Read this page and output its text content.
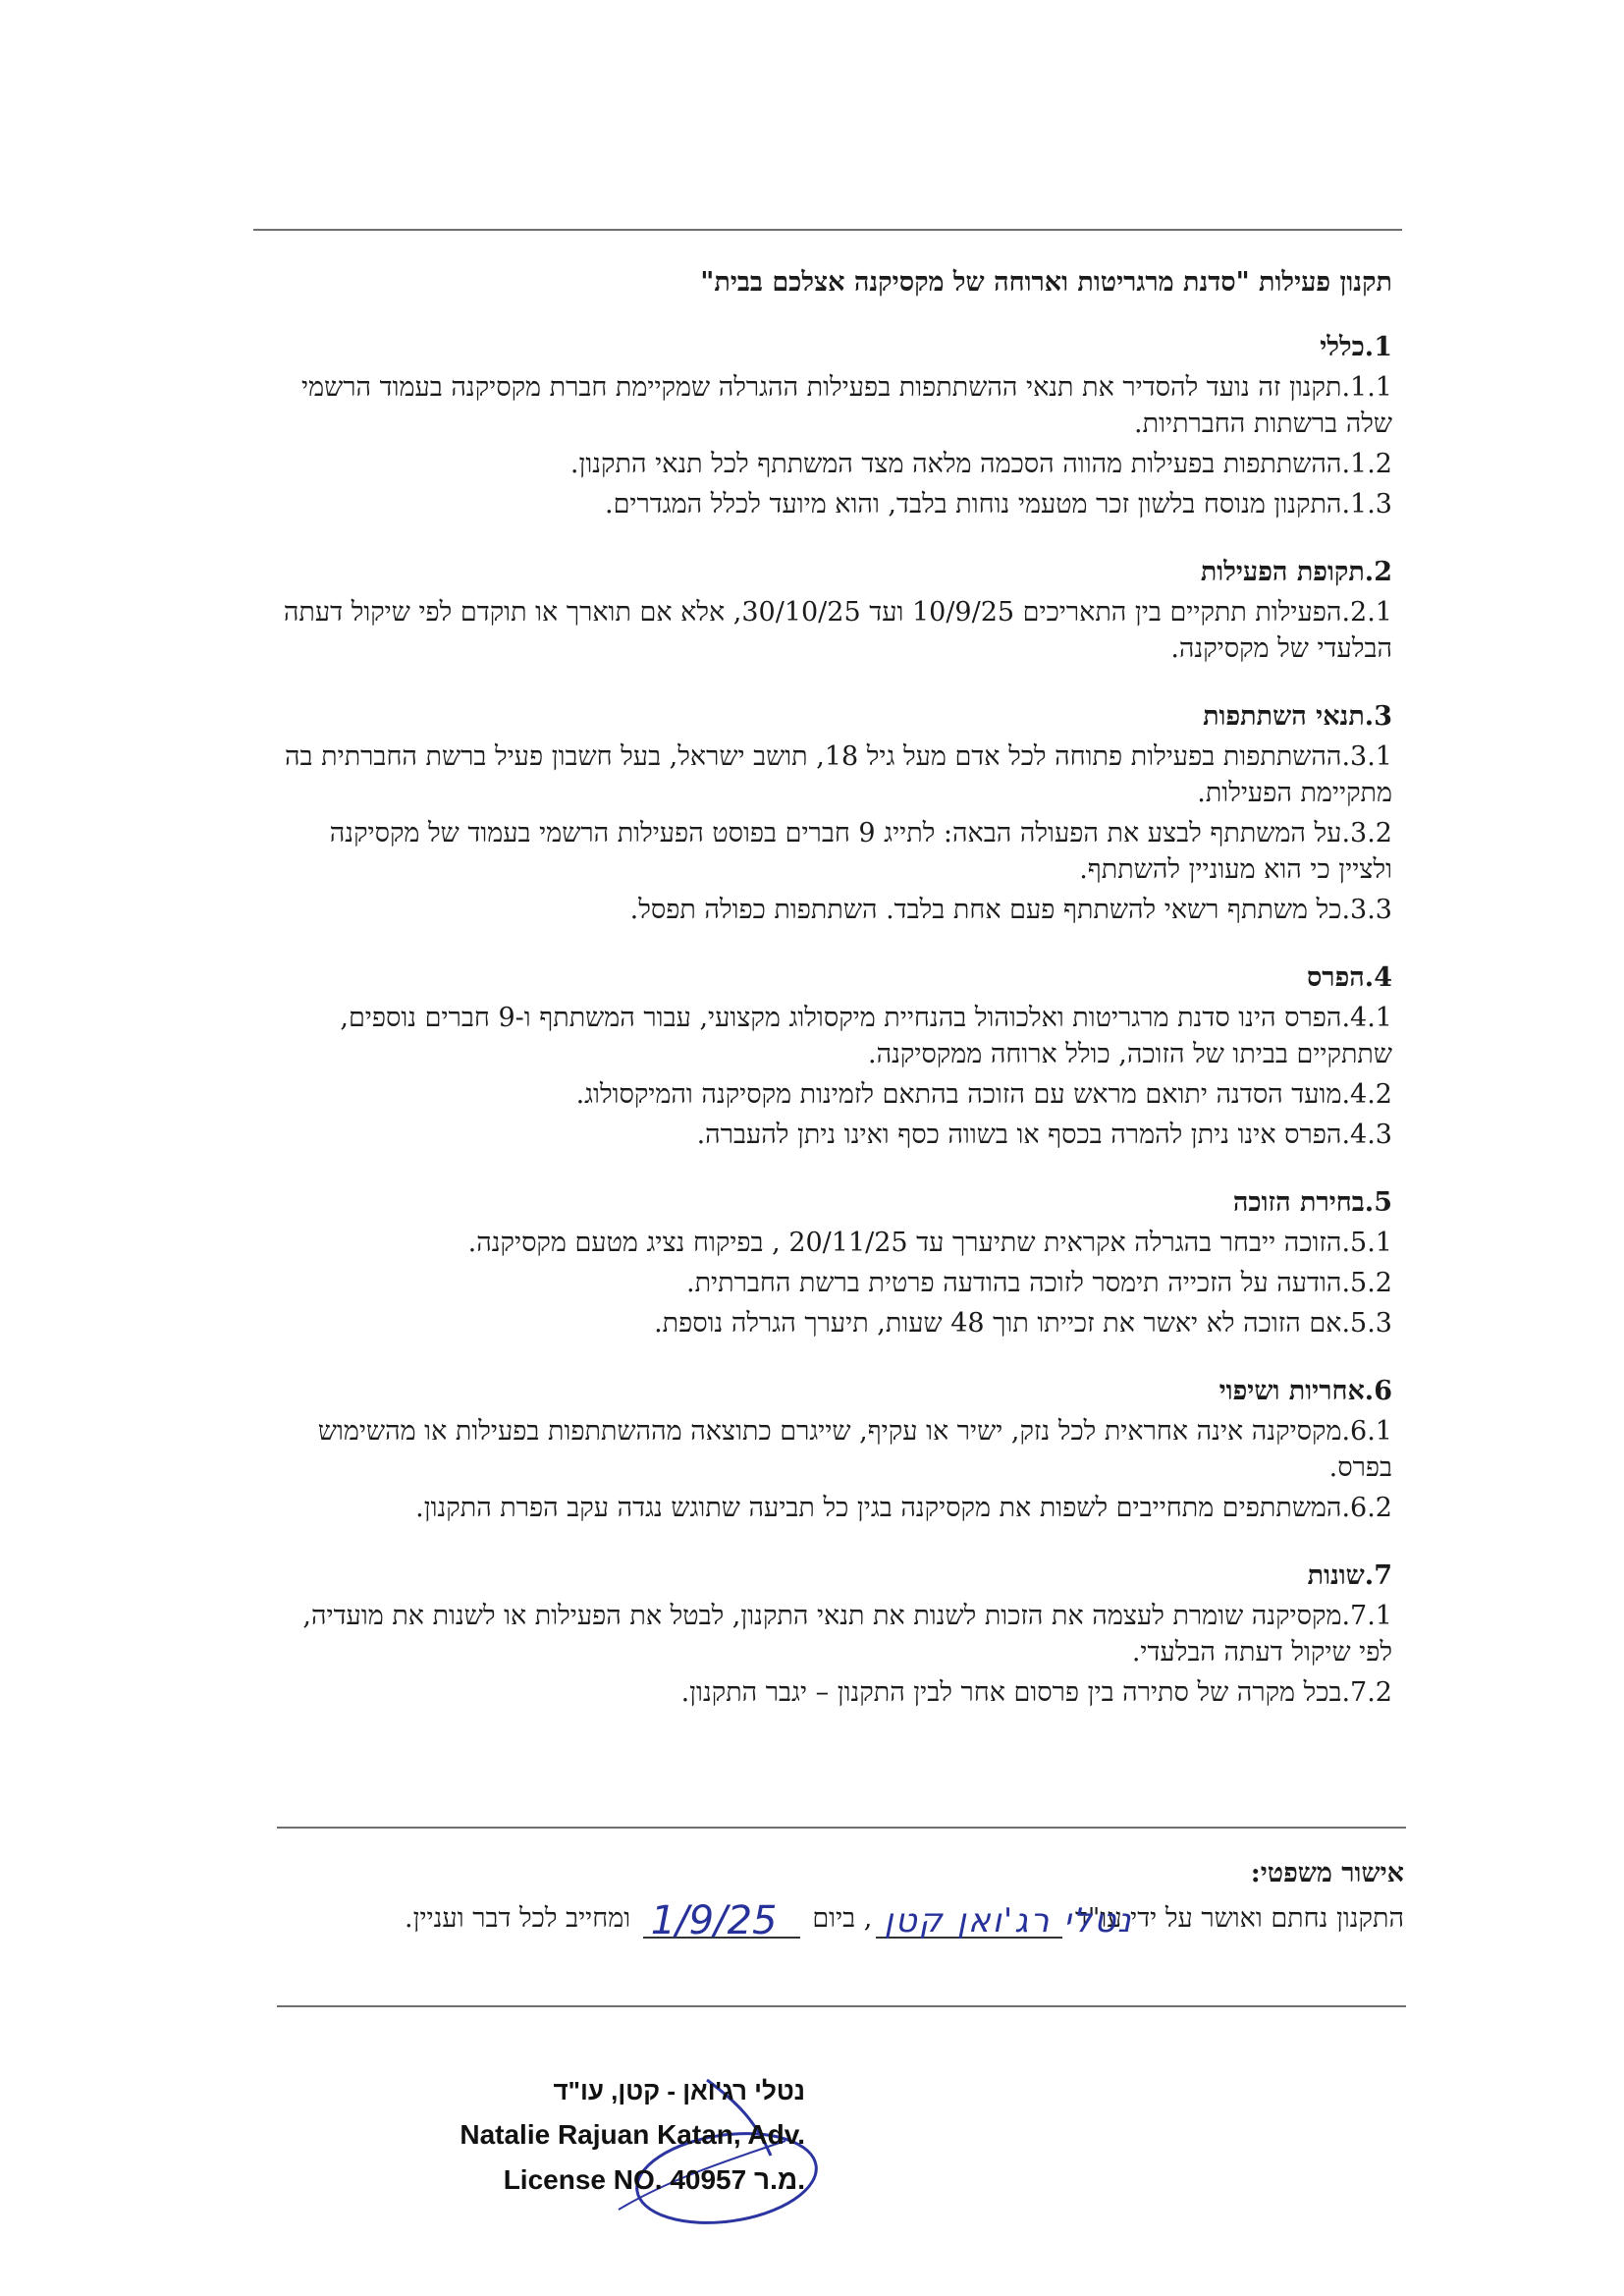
תקנון פעילות "סדנת מרגריטות וארוחה של מקסיקנה אצלכם בבית"

1.כללי

1.1.תקנון זה נועד להסדיר את תנאי ההשתתפות בפעילות ההגרלה שמקיימת חברת מקסיקנה בעמוד הרשמי שלה ברשתות החברתיות.

1.2.ההשתתפות בפעילות מהווה הסכמה מלאה מצד המשתתף לכל תנאי התקנון.

1.3.התקנון מנוסח בלשון זכר מטעמי נוחות בלבד, והוא מיועד לכלל המגדרים.

2.תקופת הפעילות

2.1.הפעילות תתקיים בין התאריכים 10/9/25 ועד 30/10/25, אלא אם תוארך או תוקדם לפי שיקול דעתה הבלעדי של מקסיקנה.

3.תנאי השתתפות

3.1.ההשתתפות בפעילות פתוחה לכל אדם מעל גיל 18, תושב ישראל, בעל חשבון פעיל ברשת החברתית בה מתקיימת הפעילות.

3.2.על המשתתף לבצע את הפעולה הבאה: לתייג 9 חברים בפוסט הפעילות הרשמי בעמוד של מקסיקנה ולציין כי הוא מעוניין להשתתף.

3.3.כל משתתף רשאי להשתתף פעם אחת בלבד. השתתפות כפולה תפסל.

4.הפרס

4.1.הפרס הינו סדנת מרגריטות ואלכוהול בהנחיית מיקסולוג מקצועי, עבור המשתתף ו-9 חברים נוספים, שתתקיים בביתו של הזוכה, כולל ארוחה ממקסיקנה.

4.2.מועד הסדנה יתואם מראש עם הזוכה בהתאם לזמינות מקסיקנה והמיקסולוג.

4.3.הפרס אינו ניתן להמרה בכסף או בשווה כסף ואינו ניתן להעברה.

5.בחירת הזוכה

5.1.הזוכה ייבחר בהגרלה אקראית שתיערך עד 20/11/25 , בפיקוח נציג מטעם מקסיקנה.

5.2.הודעה על הזכייה תימסר לזוכה בהודעה פרטית ברשת החברתית.

5.3.אם הזוכה לא יאשר את זכייתו תוך 48 שעות, תיערך הגרלה נוספת.

6.אחריות ושיפוי

6.1.מקסיקנה אינה אחראית לכל נזק, ישיר או עקיף, שייגרם כתוצאה מההשתתפות בפעילות או מהשימוש בפרס.

6.2.המשתתפים מתחייבים לשפות את מקסיקנה בגין כל תביעה שתוגש נגדה עקב הפרת התקנון.

7.שונות

7.1.מקסיקנה שומרת לעצמה את הזכות לשנות את תנאי התקנון, לבטל את הפעילות או לשנות את מועדיה, לפי שיקול דעתה הבלעדי.

7.2.בכל מקרה של סתירה בין פרסום אחר לבין התקנון – יגבר התקנון.

אישור משפטי:

התקנון נחתם ואושר על ידי עו"ד
נטלי רג'ואן קטן
, ביום
1/9/25
ומחייב לכל דבר ועניין.

נטלי רג'ואן - קטן, עו"ד
Natalie Rajuan Katan, Adv.
License NO. 40957 מ.ר.
